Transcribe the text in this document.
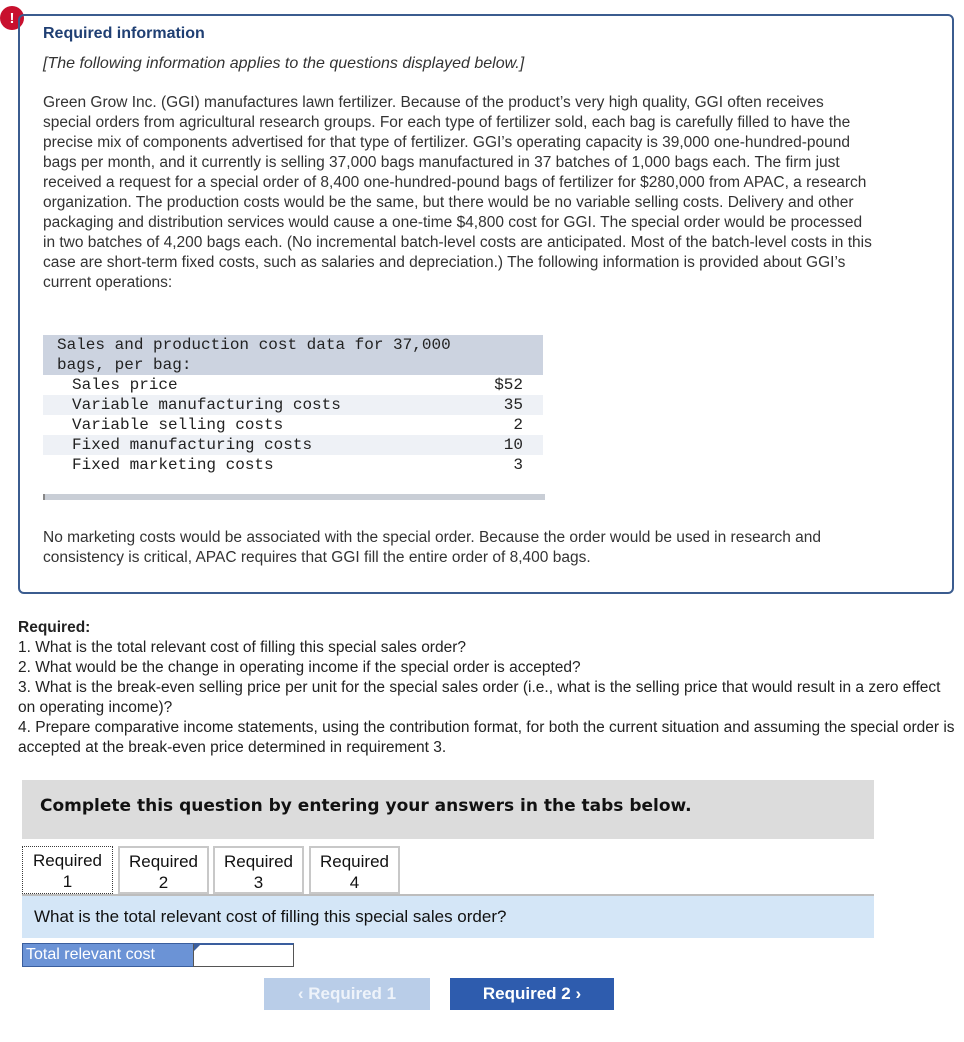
!
Required information
[The following information applies to the questions displayed below.]

Green Grow Inc. (GGI) manufactures lawn fertilizer. Because of the product’s very high quality, GGI often receives special orders from agricultural research groups. For each type of fertilizer sold, each bag is carefully filled to have the precise mix of components advertised for that type of fertilizer. GGI’s operating capacity is 39,000 one-hundred-pound bags per month, and it currently is selling 37,000 bags manufactured in 37 batches of 1,000 bags each. The firm just received a request for a special order of 8,400 one-hundred-pound bags of fertilizer for $280,000 from APAC, a research organization. The production costs would be the same, but there would be no variable selling costs. Delivery and other packaging and distribution services would cause a one-time $4,800 cost for GGI. The special order would be processed in two batches of 4,200 bags each. (No incremental batch-level costs are anticipated. Most of the batch-level costs in this case are short-term fixed costs, such as salaries and depreciation.) The following information is provided about GGI’s current operations:

Sales and production cost data for 37,000	
bags, per bag:	
Sales price	$52
Variable manufacturing costs	35
Variable selling costs	2
Fixed manufacturing costs	10
Fixed marketing costs	3

No marketing costs would be associated with the special order. Because the order would be used in research and consistency is critical, APAC requires that GGI fill the entire order of 8,400 bags.

Required:

1. What is the total relevant cost of filling this special sales order?

2. What would be the change in operating income if the special order is accepted?

3. What is the break-even selling price per unit for the special sales order (i.e., what is the selling price that would result in a zero effect on operating income)?

4. Prepare comparative income statements, using the contribution format, for both the current situation and assuming the special order is accepted at the break-even price determined in requirement 3.

Complete this question by entering your answers in the tabs below.
Required
1
Required
2
Required
3
Required
4
What is the total relevant cost of filling this special sales order?
Total relevant cost
‹ Required 1	Required 2 ›
